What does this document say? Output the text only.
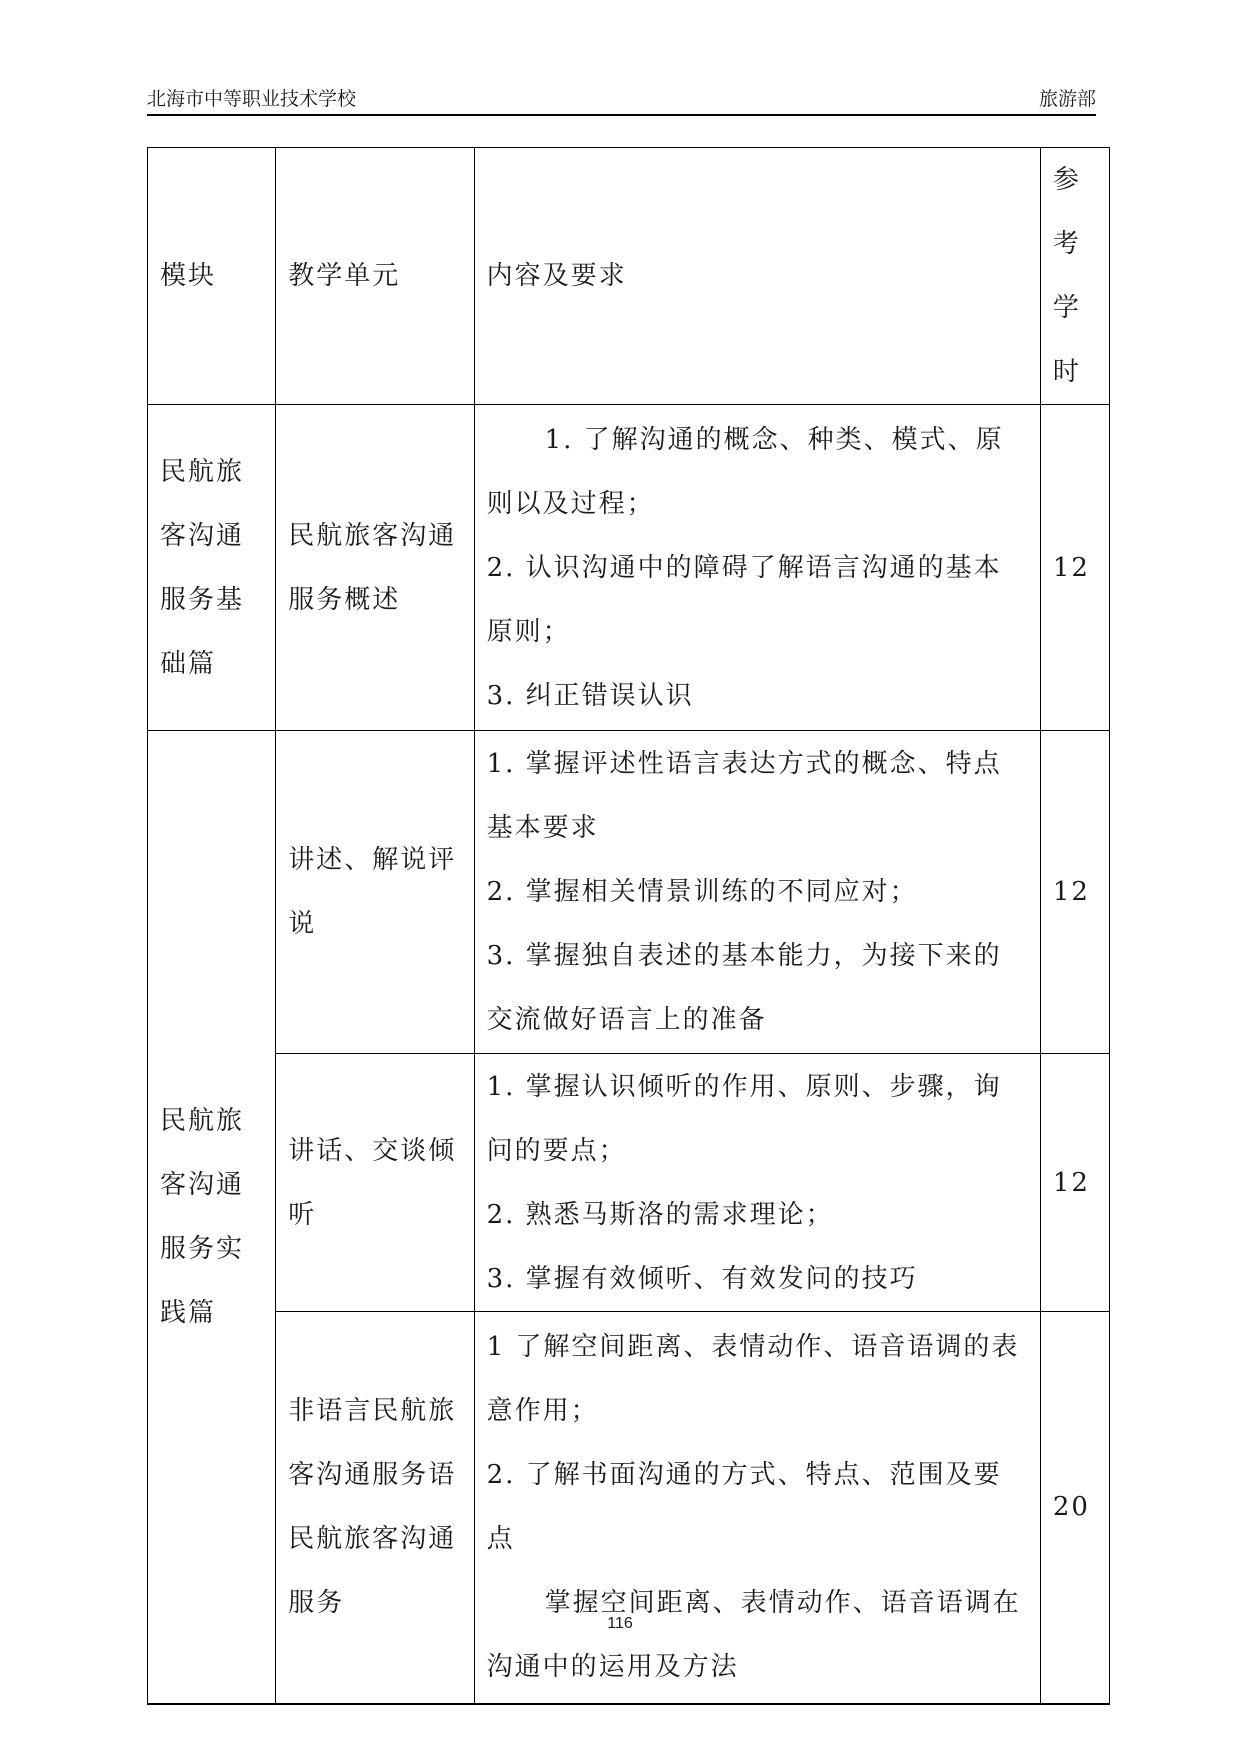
北海市中等职业技术学校	旅游部
模块	教学单元	内容及要求	参考
学时

民航旅客沟通服务基础篇	民航旅客沟通服务概述	1. 了解沟通的概念、种类、模式、原则以及过程；
2. 认识沟通中的障碍了解语言沟通的基本原则；
3. 纠正错误认识	12
民航旅客沟通服务实践篇	讲述、解说评说	1. 掌握评述性语言表达方式的概念、特点基本要求
2. 掌握相关情景训练的不同应对；
3. 掌握独自表述的基本能力，为接下来的交流做好语言上的准备	12
	讲话、交谈倾听	1. 掌握认识倾听的作用、原则、步骤，询问的要点；
2. 熟悉马斯洛的需求理论；
3. 掌握有效倾听、有效发问的技巧	12
	非语言民航旅客沟通服务语民航旅客沟通服务	1 了解空间距离、表情动作、语音语调的表意作用；
2. 了解书面沟通的方式、特点、范围及要点
掌握空间距离、表情动作、语音语调在沟通中的运用及方法	20
116
